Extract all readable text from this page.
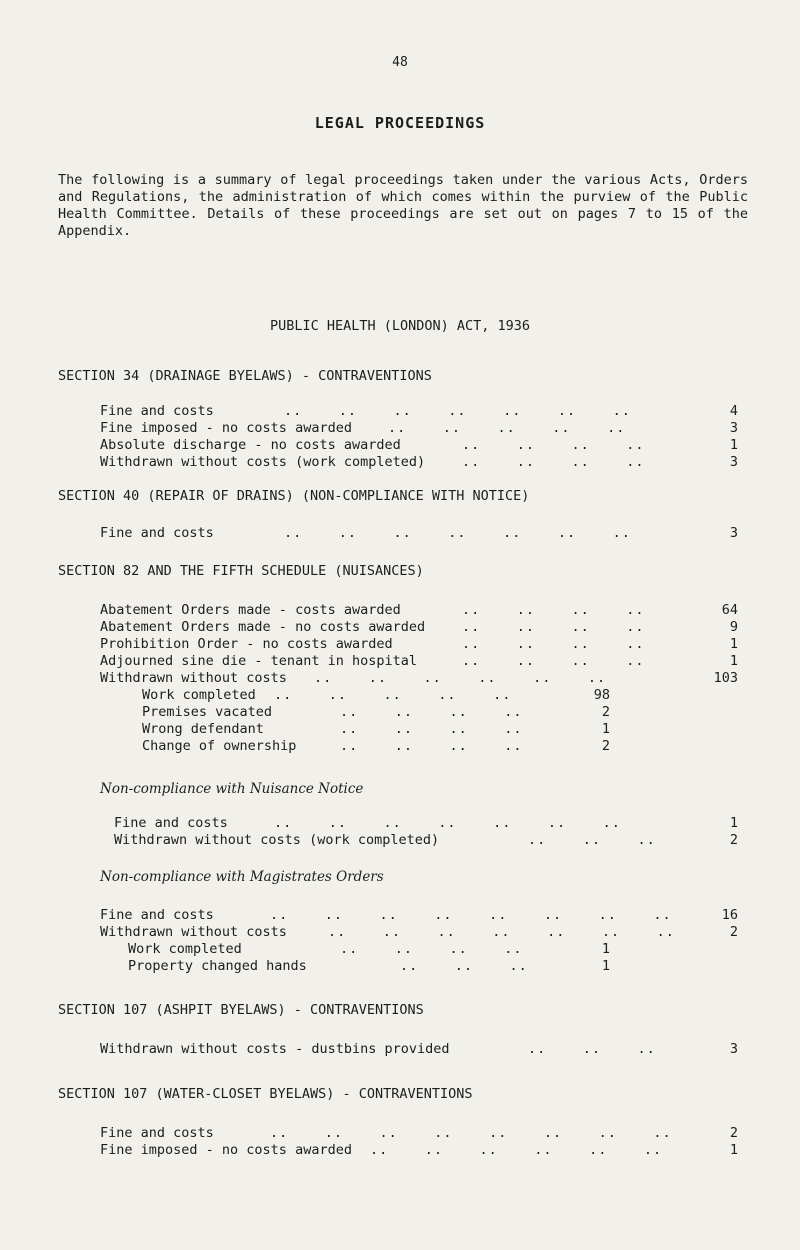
48
LEGAL PROCEEDINGS
The following is a summary of legal proceedings taken under the various Acts, Orders and Regulations, the administration of which comes within the purview of the Public Health Committee. Details of these proceedings are set out on pages 7 to 15 of the Appendix.
PUBLIC HEALTH (LONDON) ACT, 1936
SECTION 34 (DRAINAGE BYELAWS) - CONTRAVENTIONS
Fine and costs	..    ..    ..    ..    ..    ..    ..	4
Fine imposed - no costs awarded	..    ..    ..    ..    ..	3
Absolute discharge - no costs awarded	..    ..    ..    ..	1
Withdrawn without costs (work completed)	..    ..    ..    ..	3
SECTION 40 (REPAIR OF DRAINS) (NON-COMPLIANCE WITH NOTICE)
Fine and costs	..    ..    ..    ..    ..    ..    ..	3
SECTION 82 AND THE FIFTH SCHEDULE (NUISANCES)
Abatement Orders made - costs awarded	..    ..    ..    ..	64
Abatement Orders made - no costs awarded	..    ..    ..    ..	9
Prohibition Order - no costs awarded	..    ..    ..    ..	1
Adjourned sine die - tenant in hospital	..    ..    ..    ..	1
Withdrawn without costs ..    ..    ..    ..    ..    ..	103
Work completed ..    ..    ..    ..    ..	98
Premises vacated	..    ..    ..    ..	2
Wrong defendant	..    ..    ..    ..	1
Change of ownership	..    ..    ..    ..	2
Non-compliance with Nuisance Notice
Fine and costs	..    ..    ..    ..    ..    ..    ..	1
Withdrawn without costs (work completed)	..    ..    ..	2
Non-compliance with Magistrates Orders
Fine and costs	..    ..    ..    ..    ..    ..    ..    ..	16
Withdrawn without costs	..    ..    ..    ..    ..    ..    ..	2
Work completed	..    ..    ..    ..	1
Property changed hands	..    ..    ..	1
SECTION 107 (ASHPIT BYELAWS) - CONTRAVENTIONS
Withdrawn without costs - dustbins provided	..    ..    ..	3
SECTION 107 (WATER-CLOSET BYELAWS) - CONTRAVENTIONS
Fine and costs	..    ..    ..    ..    ..    ..    ..    ..	2
Fine imposed - no costs awarded ..    ..    ..    ..    ..    ..	1
